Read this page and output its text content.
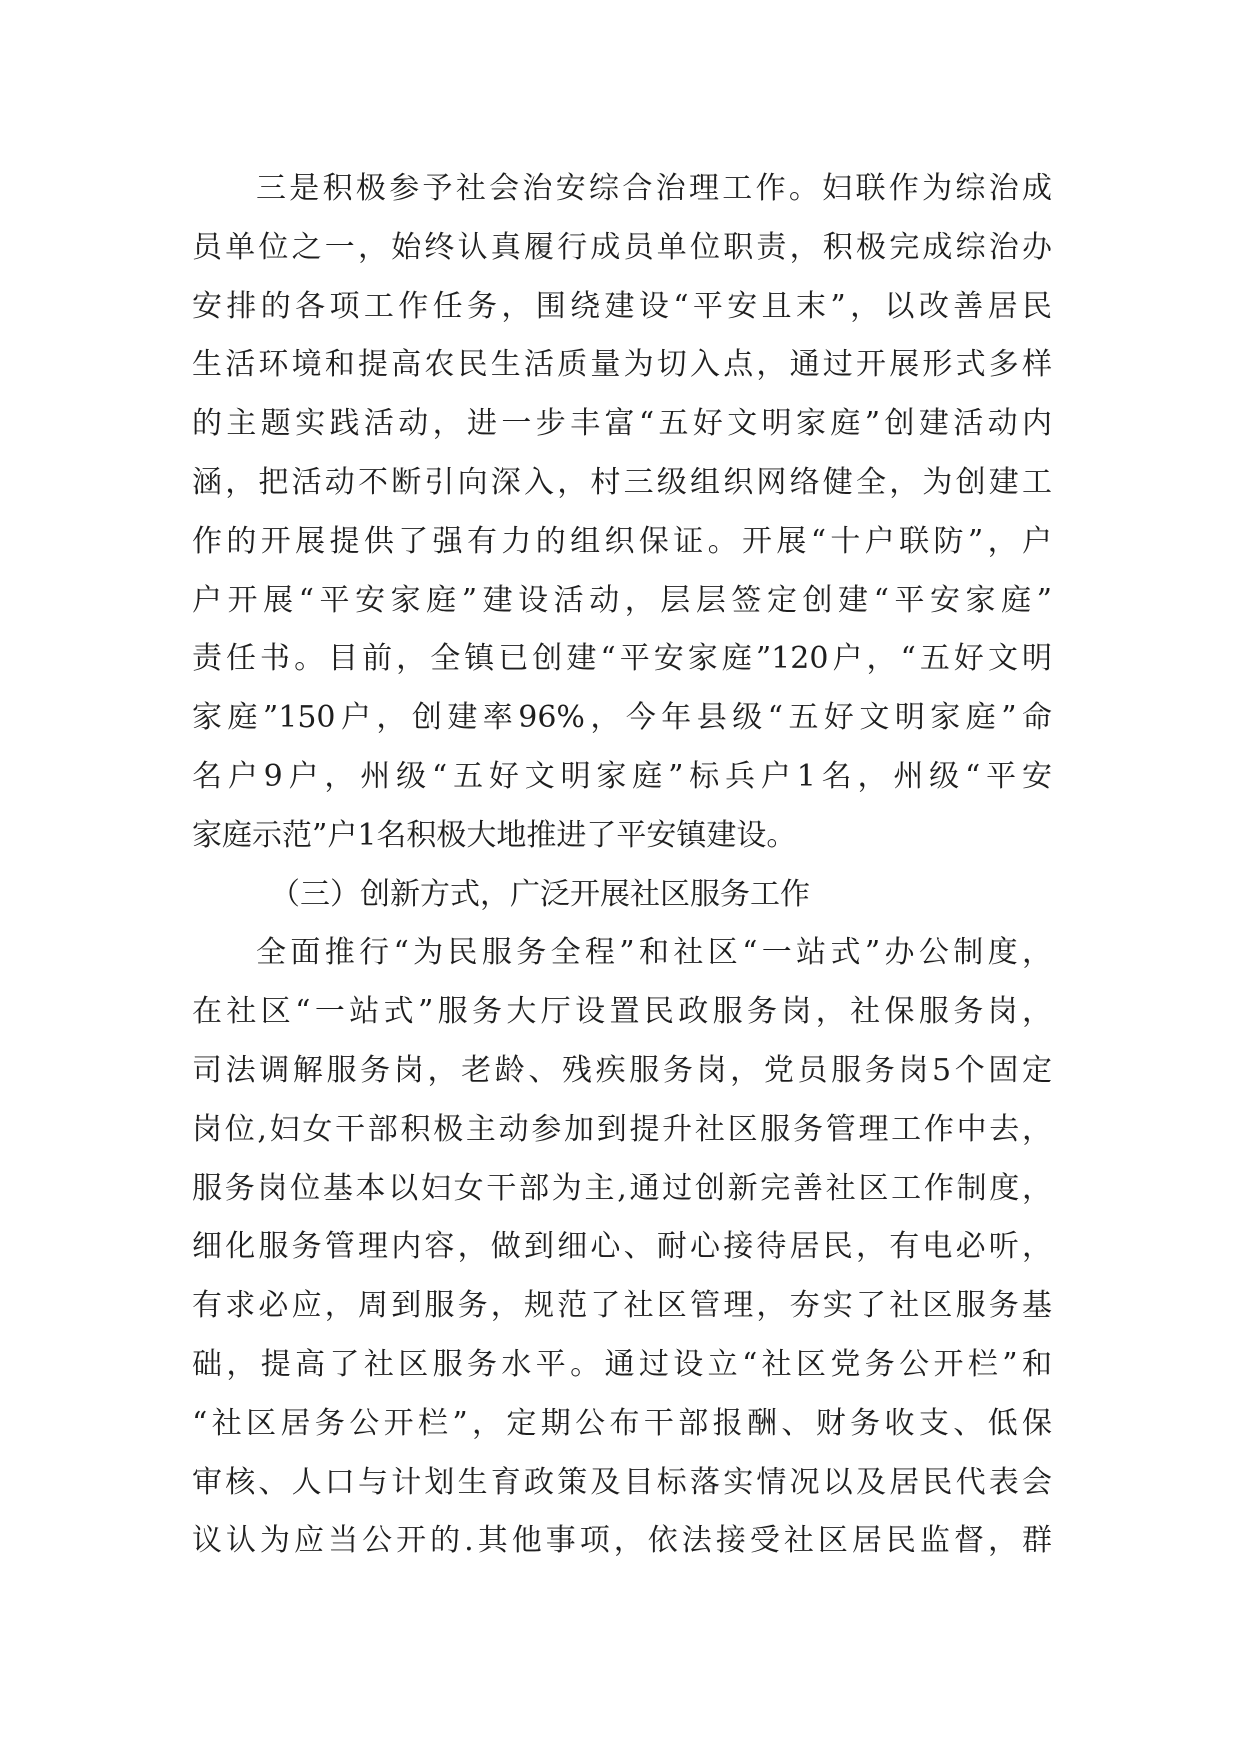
三是积极参予社会治安综合治理工作。妇联作为综治成
员单位之一，始终认真履行成员单位职责，积极完成综治办
安排的各项工作任务，围绕建设“平安且末”，以改善居民
生活环境和提高农民生活质量为切入点，通过开展形式多样
的主题实践活动，进一步丰富“五好文明家庭”创建活动内
涵，把活动不断引向深入，村三级组织网络健全，为创建工
作的开展提供了强有力的组织保证。开展“十户联防”，户
户开展“平安家庭”建设活动，层层签定创建“平安家庭”
责任书。目前，全镇已创建“平安家庭”120户，“五好文明
家庭”150户，创建率96%，今年县级“五好文明家庭”命
名户9户，州级“五好文明家庭”标兵户1名，州级“平安
家庭示范”户1名积极大地推进了平安镇建设。
（三）创新方式，广泛开展社区服务工作
全面推行“为民服务全程”和社区“一站式”办公制度，
在社区“一站式”服务大厅设置民政服务岗，社保服务岗，
司法调解服务岗，老龄、残疾服务岗，党员服务岗5个固定
岗位,妇女干部积极主动参加到提升社区服务管理工作中去，
服务岗位基本以妇女干部为主,通过创新完善社区工作制度，
细化服务管理内容，做到细心、耐心接待居民，有电必听，
有求必应，周到服务，规范了社区管理，夯实了社区服务基
础，提高了社区服务水平。通过设立“社区党务公开栏”和
“社区居务公开栏”，定期公布干部报酬、财务收支、低保
审核、人口与计划生育政策及目标落实情况以及居民代表会
议认为应当公开的.其他事项，依法接受社区居民监督，群
